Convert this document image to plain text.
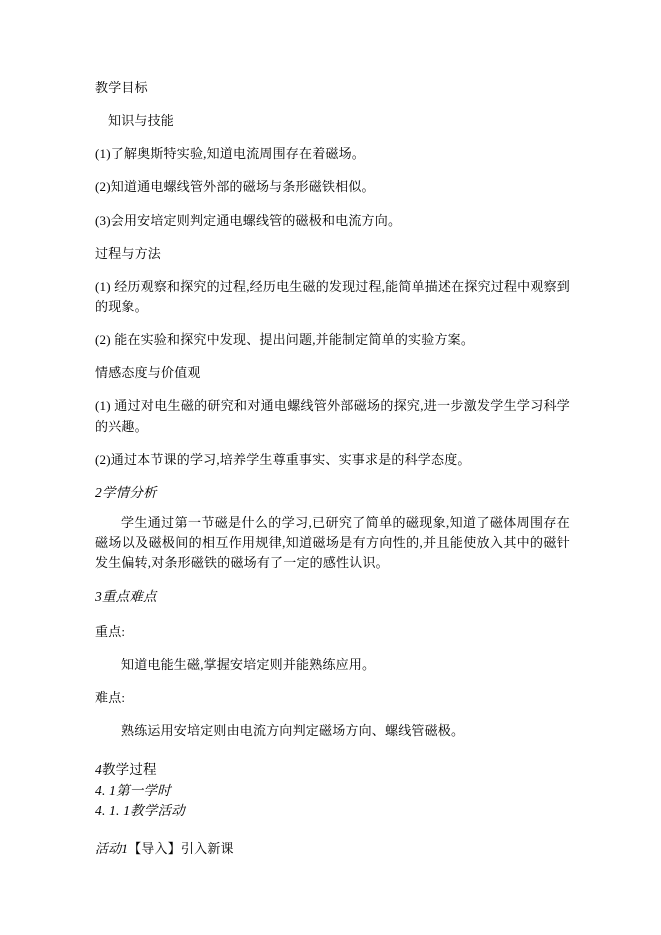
教学目标

知识与技能

(1)了解奥斯特实验,知道电流周围存在着磁场。

(2)知道通电螺线管外部的磁场与条形磁铁相似。

(3)会用安培定则判定通电螺线管的磁极和电流方向。

过程与方法

(1) 经历观察和探究的过程,经历电生磁的发现过程,能简单描述在探究过程中观察到的现象。

(2) 能在实验和探究中发现、提出问题,并能制定简单的实验方案。

情感态度与价值观

(1) 通过对电生磁的研究和对通电螺线管外部磁场的探究,进一步激发学生学习科学的兴趣。

(2)通过本节课的学习,培养学生尊重事实、实事求是的科学态度。

2学情分析

学生通过第一节磁是什么的学习,已研究了简单的磁现象,知道了磁体周围存在磁场以及磁极间的相互作用规律,知道磁场是有方向性的,并且能使放入其中的磁针发生偏转,对条形磁铁的磁场有了一定的感性认识。

3重点难点

重点:

知道电能生磁,掌握安培定则并能熟练应用。

难点:

熟练运用安培定则由电流方向判定磁场方向、螺线管磁极。

4教学过程

4. 1第一学时

4. 1. 1教学活动

活动1【导入】引入新课
